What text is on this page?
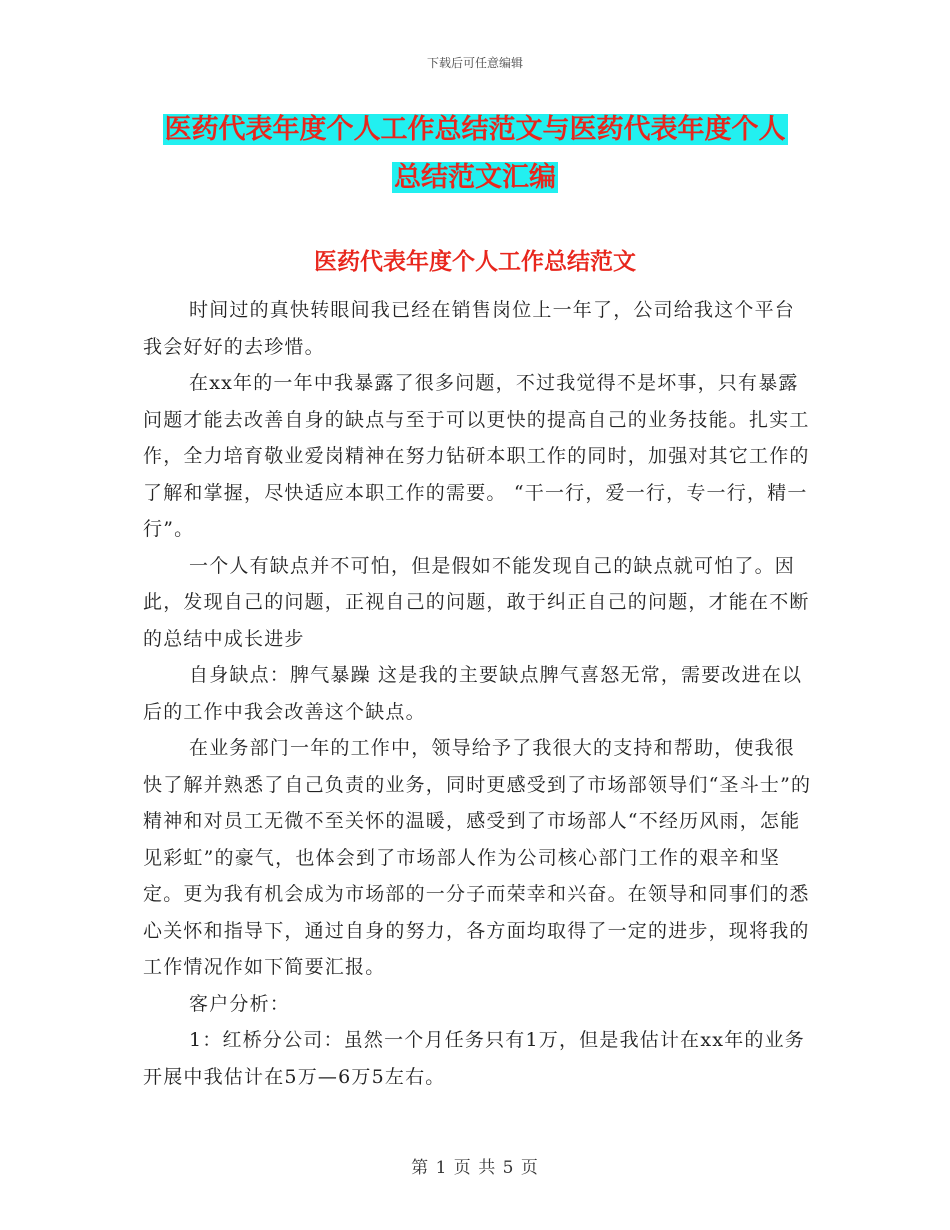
下载后可任意编辑
医药代表年度个人工作总结范文与医药代表年度个人
总结范文汇编
医药代表年度个人工作总结范文

时间过的真快转眼间我已经在销售岗位上一年了，公司给我这个平台我会好好的去珍惜。

在xx年的一年中我暴露了很多问题，不过我觉得不是坏事，只有暴露问题才能去改善自身的缺点与至于可以更快的提高自己的业务技能。扎实工作，全力培育敬业爱岗精神在努力钻研本职工作的同时，加强对其它工作的了解和掌握，尽快适应本职工作的需要。 “干一行，爱一行，专一行，精一行”。

一个人有缺点并不可怕，但是假如不能发现自己的缺点就可怕了。因此，发现自己的问题，正视自己的问题，敢于纠正自己的问题，才能在不断的总结中成长进步

自身缺点：脾气暴躁 这是我的主要缺点脾气喜怒无常，需要改进在以后的工作中我会改善这个缺点。

在业务部门一年的工作中，领导给予了我很大的支持和帮助，使我很快了解并熟悉了自己负责的业务，同时更感受到了市场部领导们“圣斗士”的精神和对员工无微不至关怀的温暖，感受到了市场部人“不经历风雨，怎能见彩虹”的豪气，也体会到了市场部人作为公司核心部门工作的艰辛和坚定。更为我有机会成为市场部的一分子而荣幸和兴奋。在领导和同事们的悉心关怀和指导下，通过自身的努力，各方面均取得了一定的进步，现将我的工作情况作如下简要汇报。

客户分析：

1：红桥分公司：虽然一个月任务只有1万，但是我估计在xx年的业务开展中我估计在5万—6万5左右。

第 1 页 共 5 页
